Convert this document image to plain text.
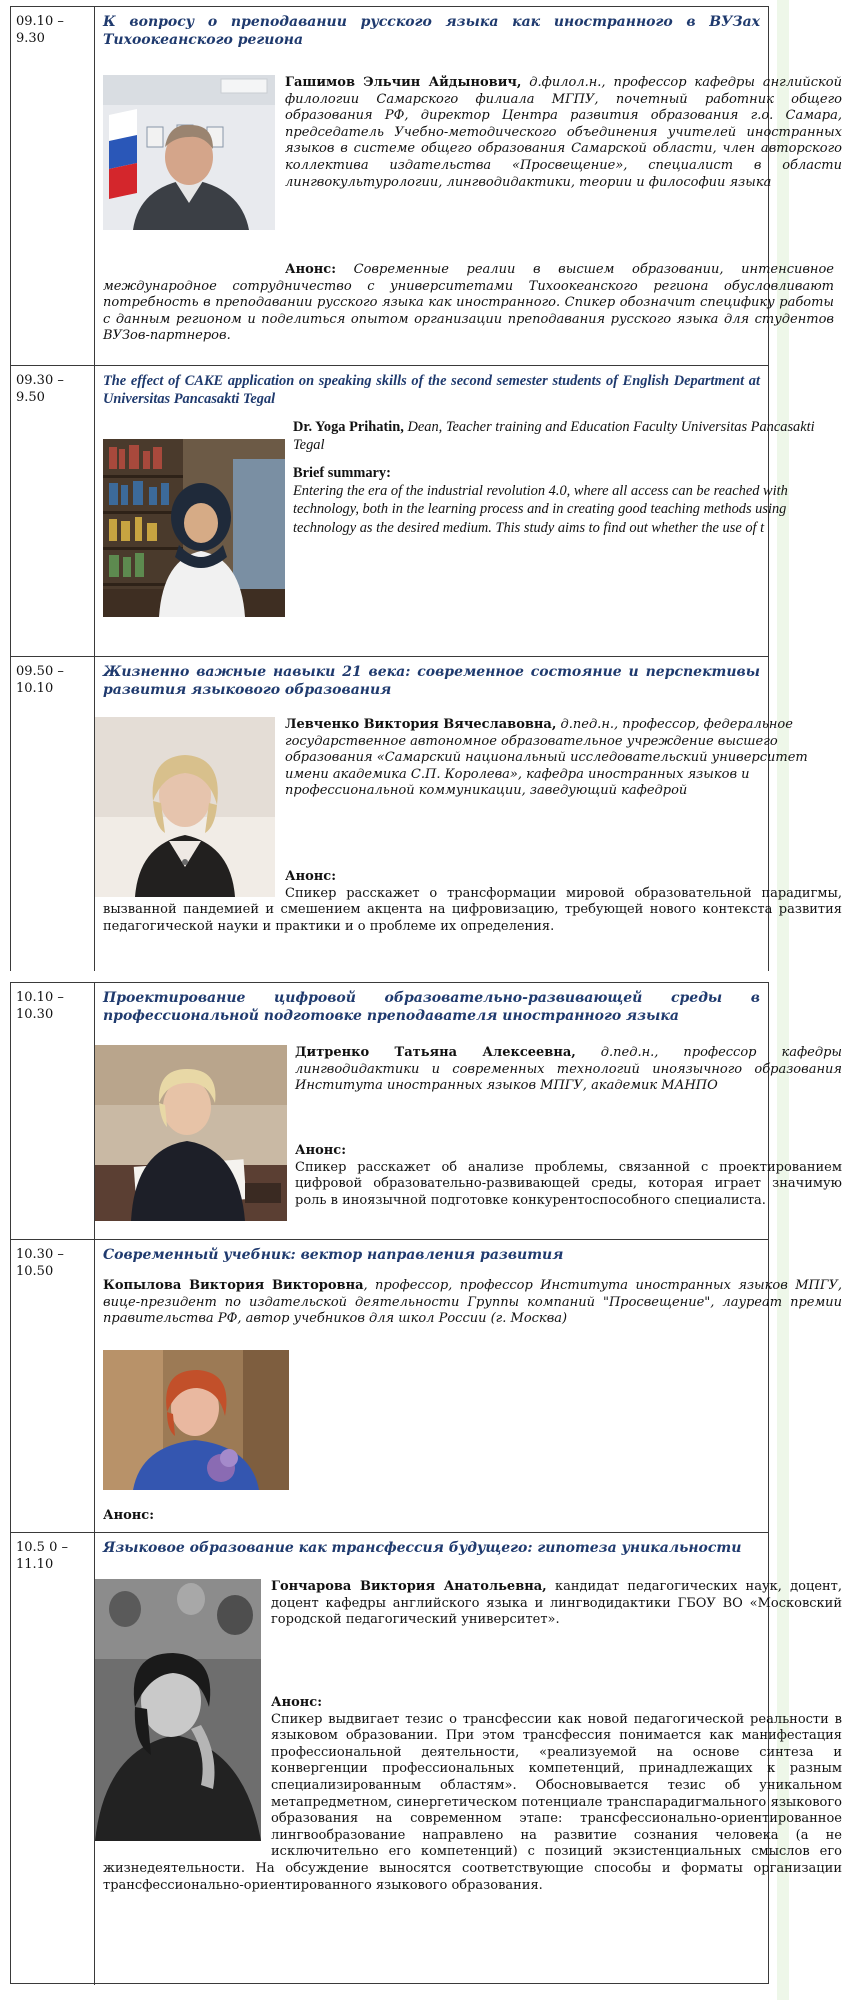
09.10 – 9.30

К вопросу о преподавании русского языка как иностранного в ВУЗах Тихоокеанского региона

Гашимов Эльчин Айдынович, д.филол.н., профессор кафедры английской филологии Самарского филиала МГПУ, почетный работник общего образования РФ, директор Центра развития образования г.о. Самара, председатель Учебно-методического объединения учителей иностранных языков в системе общего образования Самарской области, член авторского коллектива издательства «Просвещение», специалист в области лингвокультурологии, лингводидактики, теории и философии языка
Анонс: Современные реалии в высшем образовании, интенсивное международное сотрудничество с университетами Тихоокеанского региона обусловливают потребность в преподавании русского языка как иностранного. Спикер обозначит специфику работы с данным регионом и поделиться опытом организации преподавания русского языка для студентов ВУЗов-партнеров.
09.30 – 9.50

The effect of CAKE application on speaking skills of the second semester students of English Department at Universitas Pancasakti Tegal

Dr. Yoga Prihatin, Dean, Teacher training and Education Faculty Universitas Pancasakti Tegal
Brief summary:
Entering the era of the industrial revolution 4.0, where all access can be reached with technology, both in the learning process and in creating good teaching methods using technology as the desired medium. This study aims to find out whether the use of t
09.50 – 10.10

Жизненно важные навыки 21 века: современное состояние и перспективы развития языкового образования

Левченко Виктория Вячеславовна, д.пед.н., профессор, федеральное государственное автономное образовательное учреждение высшего образования «Самарский национальный исследовательский университет имени академика С.П. Королева», кафедра иностранных языков и профессиональной коммуникации, заведующий кафедрой
Анонс:
Спикер расскажет о трансформации мировой образовательной парадигмы, вызванной пандемией и смешением акцента на цифровизацию, требующей нового контекста развития педагогической науки и практики и о проблеме их определения.
10.10 – 10.30

Проектирование цифровой образовательно-развивающей среды в профессиональной подготовке преподавателя иностранного языка

Дитренко Татьяна Алексеевна, д.пед.н., профессор кафедры лингводидактики и современных технологий иноязычного образования Института иностранных языков МПГУ, академик МАНПО
Анонс:
Спикер расскажет об анализе проблемы, связанной с проектированием цифровой образовательно-развивающей среды, которая играет значимую роль в иноязычной подготовке конкурентоспособного специалиста.
10.30 – 10.50

Современный учебник: вектор направления развития

Копылова Виктория Викторовна, профессор, профессор Института иностранных языков МПГУ, вице-президент по издательской деятельности Группы компаний "Просвещение", лауреат премии правительства РФ, автор учебников для школ России (г. Москва)
Анонс:
10.5 0 – 11.10

Языковое образование как трансфессия будущего: гипотеза уникальности

Гончарова Виктория Анатольевна, кандидат педагогических наук, доцент, доцент кафедры английского языка и лингводидактики ГБОУ ВО «Московский городской педагогический университет».
Анонс:
Спикер выдвигает тезис о трансфессии как новой педагогической реальности в языковом образовании. При этом трансфессия понимается как манифестация профессиональной деятельности, «реализуемой на основе синтеза и конвергенции профессиональных компетенций, принадлежащих к разным специализированным областям». Обосновывается тезис об уникальном метапредметном, синергетическом потенциале транспарадигмального языкового образования на современном этапе: трансфессионально-ориентированное лингвообразование направлено на развитие сознания человека (а не исключительно его компетенций) с позиций экзистенциальных смыслов его жизнедеятельности. На обсуждение выносятся соответствующие способы и форматы организации трансфессионально-ориентированного языкового образования.
